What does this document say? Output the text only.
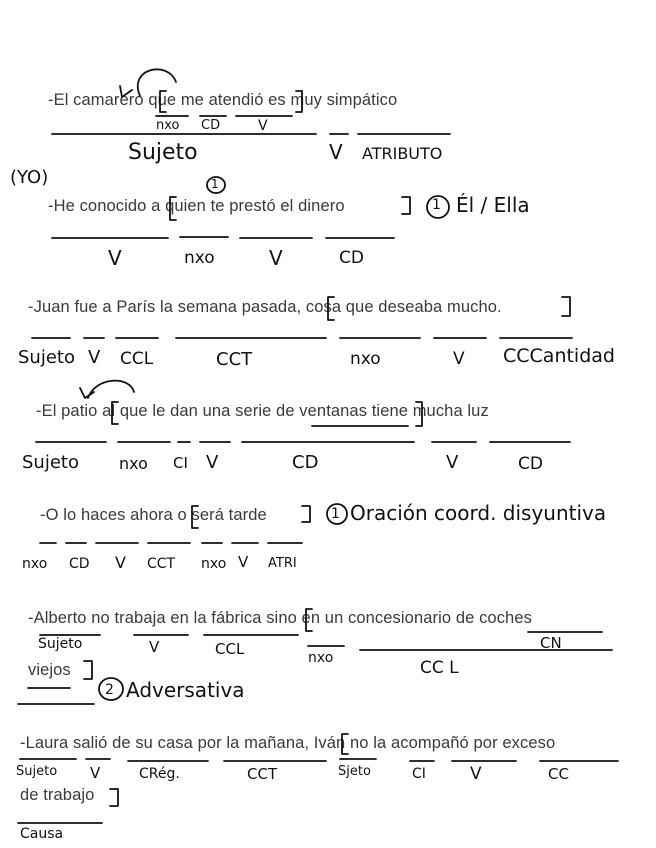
-El camarero que me atendió es muy simpático
nxo CD	V
Sujeto	V ATRIBUTO
(YO)
-He conocido a quien te prestó el dinero
1
1 Él / Ella
V	nxo	V	CD
-Juan fue a París la semana pasada, cosa que deseaba mucho.
Sujeto V CCL	CCT	nxo	V CCCantidad
-El patio al que le dan una serie de ventanas tiene mucha luz
Sujeto	nxo CI V	CD	V	CD
-O lo haces ahora o será tarde	1 Oración coord. disyuntiva
nxo CD V CCT nxo V ATRI
-Alberto no trabaja en la fábrica sino en un concesionario de coches
Sujeto	V	CCL	nxo
CN
viejos	CC L
2 Adversativa
-Laura salió de su casa por la mañana, Iván no la acompañó por exceso
Sujeto V	CRég.	CCT	Sjeto	CI	V	CC
de trabajo
Causa
